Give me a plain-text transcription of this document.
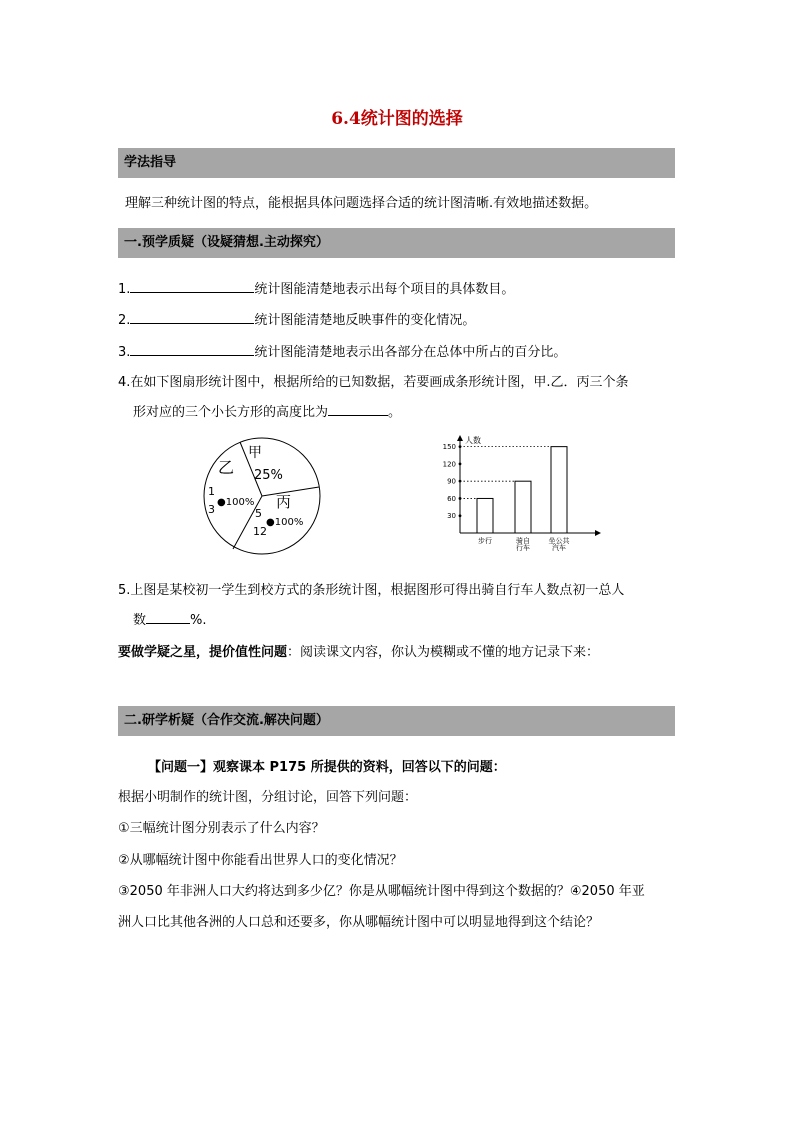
6.4统计图的选择
学法指导
理解三种统计图的特点，能根据具体问题选择合适的统计图清晰.有效地描述数据。
一.预学质疑（设疑猜想.主动探究）
1.	统计图能清楚地表示出每个项目的具体数目。
2.	统计图能清楚地反映事件的变化情况。
3.	统计图能清楚地表示出各部分在总体中所占的百分比。
4.在如下图扇形统计图中，根据所给的已知数据，若要画成条形统计图，甲.乙．丙三个条
形对应的三个小长方形的高度比为	。
甲
25%
乙
1
●100%
3	丙
5
●100%
12
人数
30
60
90
120
150
步行	骑自
行车
坐公共
汽车
5.上图是某校初一学生到校方式的条形统计图，根据图形可得出骑自行车人数点初一总人
数	%.
要做学疑之星，提价值性问题：阅读课文内容，你认为模糊或不懂的地方记录下来：
二.研学析疑（合作交流.解决问题）
【问题一】观察课本 P175 所提供的资料，回答以下的问题：
根据小明制作的统计图，分组讨论，回答下列问题：
①三幅统计图分别表示了什么内容？
②从哪幅统计图中你能看出世界人口的变化情况？
③2050 年非洲人口大约将达到多少亿？你是从哪幅统计图中得到这个数据的？④2050 年亚
洲人口比其他各洲的人口总和还要多，你从哪幅统计图中可以明显地得到这个结论？
